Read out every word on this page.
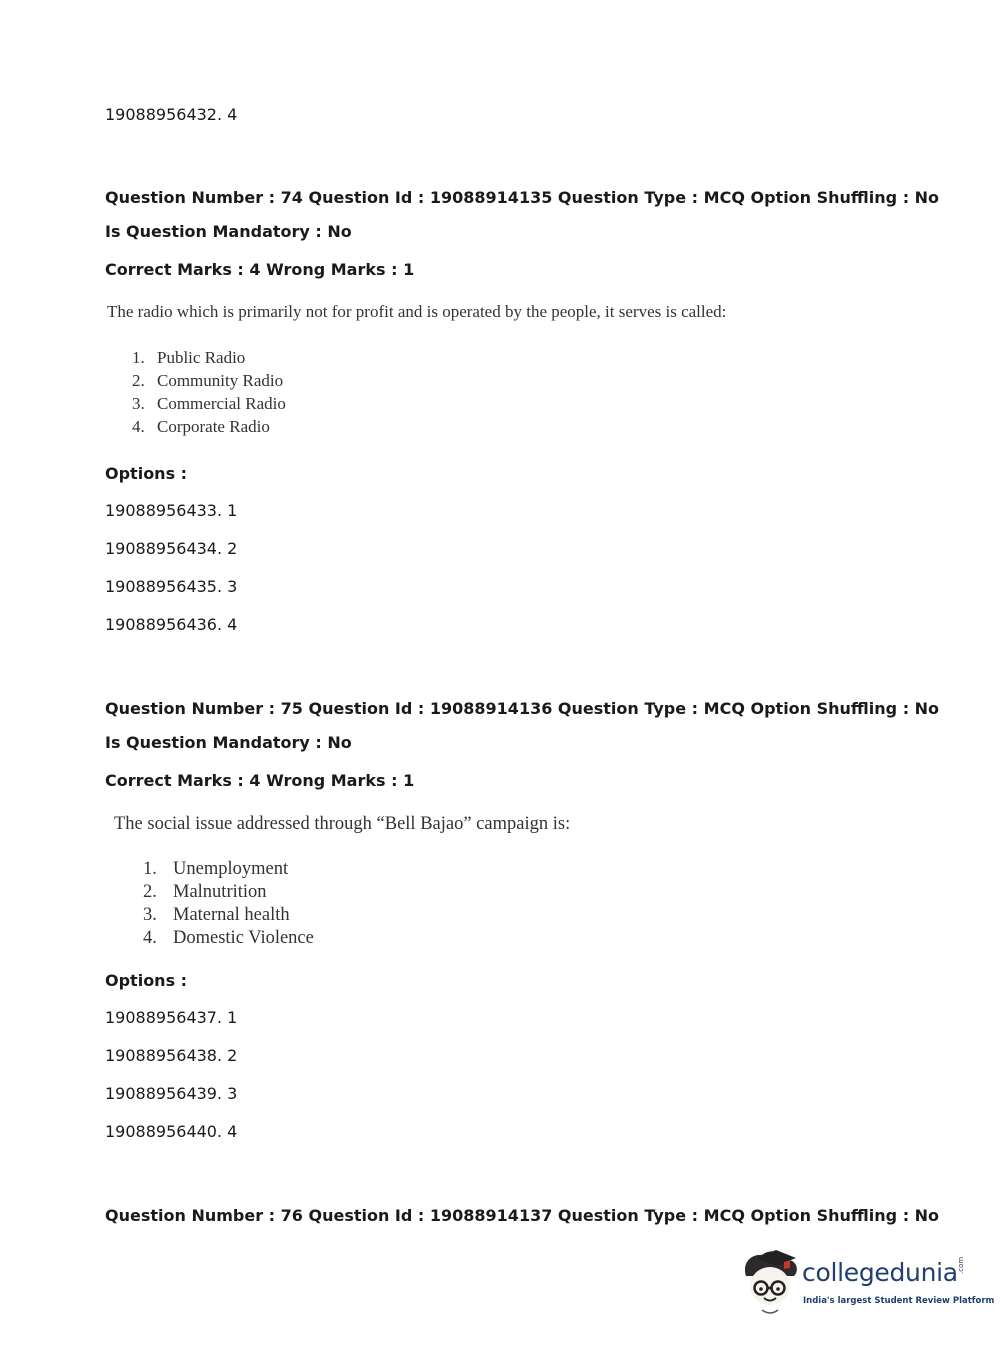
19088956432. 4
Question Number : 74 Question Id : 19088914135 Question Type : MCQ Option Shuffling : No
Is Question Mandatory : No
Correct Marks : 4 Wrong Marks : 1
The radio which is primarily not for profit and is operated by the people, it serves is called:
1. Public Radio
2. Community Radio
3. Commercial Radio
4. Corporate Radio
Options :
19088956433. 1
19088956434. 2
19088956435. 3
19088956436. 4
Question Number : 75 Question Id : 19088914136 Question Type : MCQ Option Shuffling : No
Is Question Mandatory : No
Correct Marks : 4 Wrong Marks : 1
The social issue addressed through “Bell Bajao” campaign is:
1. Unemployment
2. Malnutrition
3. Maternal health
4. Domestic Violence
Options :
19088956437. 1
19088956438. 2
19088956439. 3
19088956440. 4
Question Number : 76 Question Id : 19088914137 Question Type : MCQ Option Shuffling : No
collegedunia .com
India's largest Student Review Platform
